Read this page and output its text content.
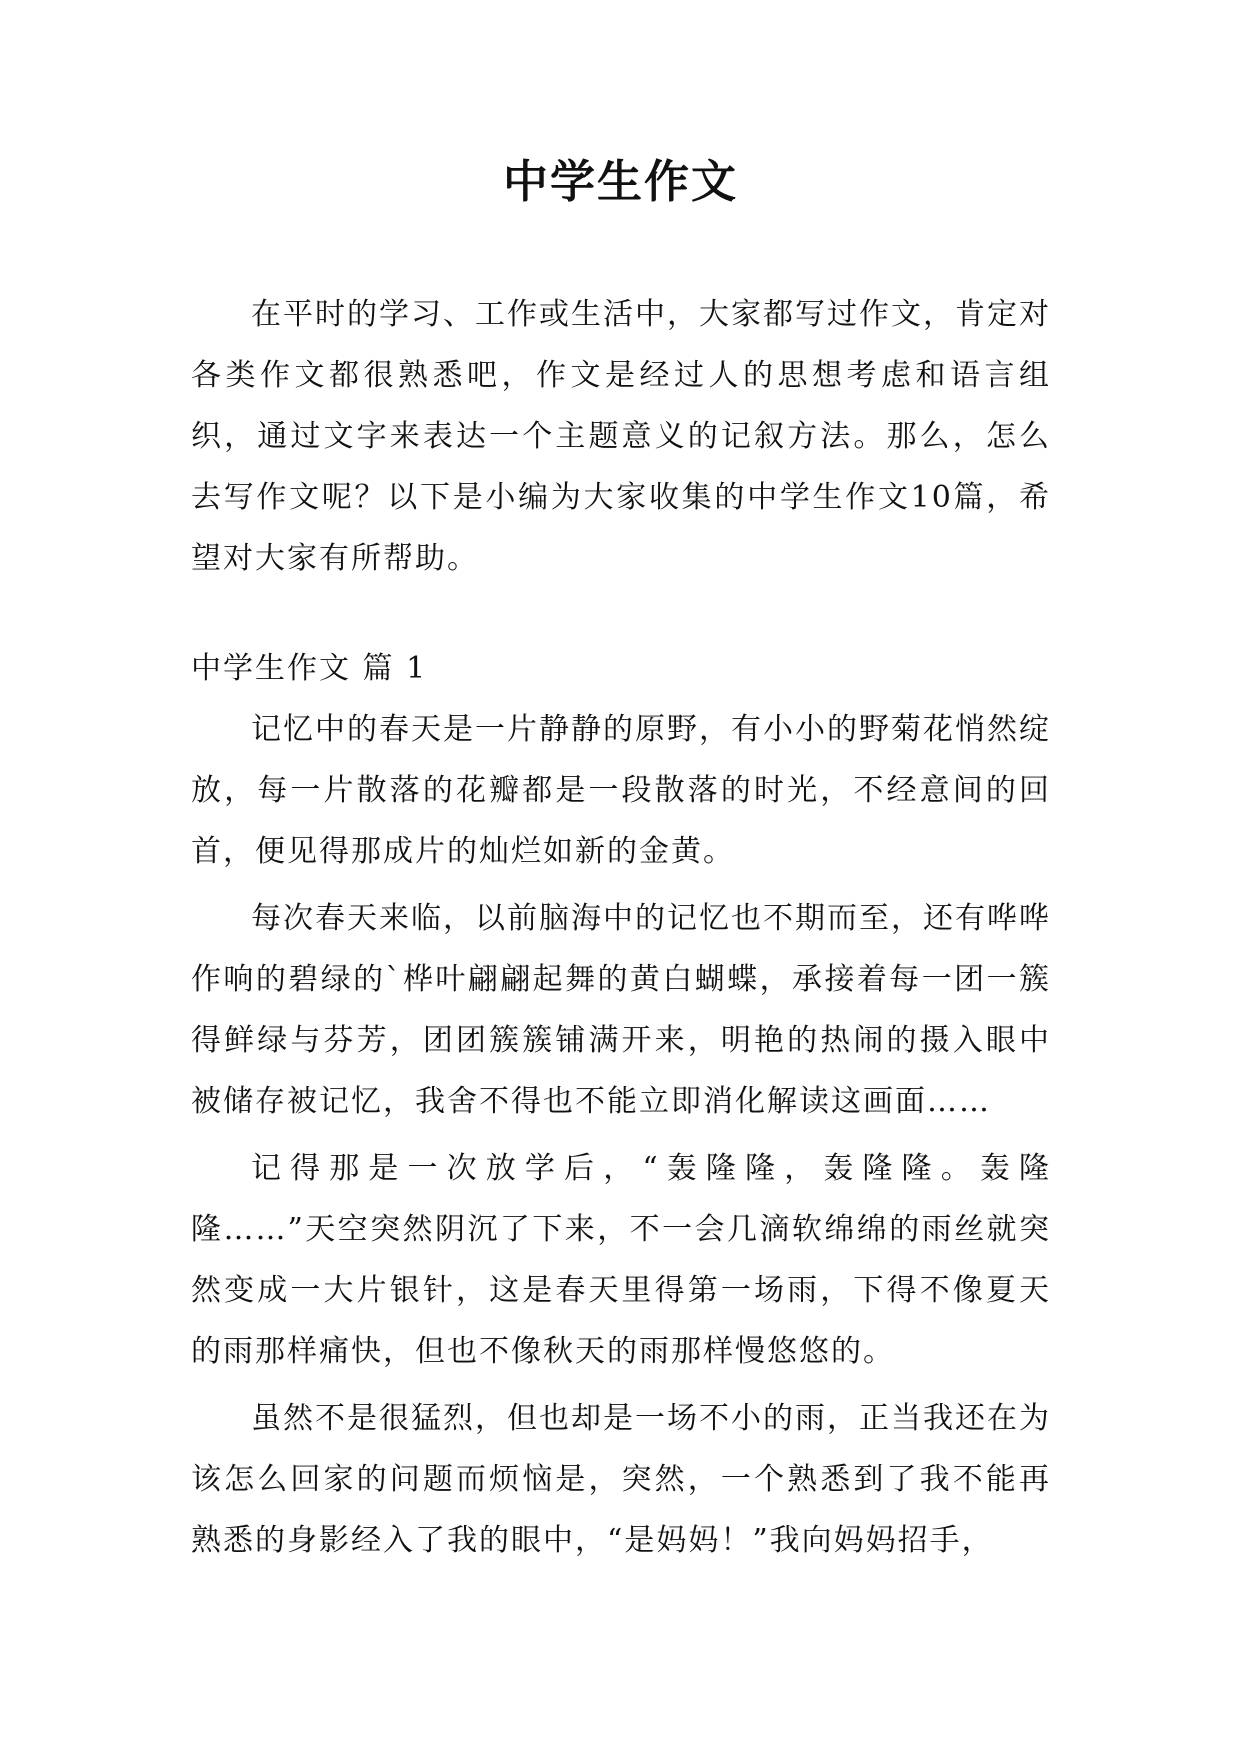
中学生作文

在平时的学习、工作或生活中，大家都写过作文，肯定对各类作文都很熟悉吧，作文是经过人的思想考虑和语言组织，通过文字来表达一个主题意义的记叙方法。那么，怎么去写作文呢？以下是小编为大家收集的中学生作文10篇，希望对大家有所帮助。

中学生作文 篇 1

记忆中的春天是一片静静的原野，有小小的野菊花悄然绽放，每一片散落的花瓣都是一段散落的时光，不经意间的回首，便见得那成片的灿烂如新的金黄。

每次春天来临，以前脑海中的记忆也不期而至，还有哗哗作响的碧绿的`桦叶翩翩起舞的黄白蝴蝶，承接着每一团一簇得鲜绿与芬芳，团团簇簇铺满开来，明艳的热闹的摄入眼中被储存被记忆，我舍不得也不能立即消化解读这画面……

记得那是一次放学后，“轰隆隆，轰隆隆。轰隆隆……”天空突然阴沉了下来，不一会几滴软绵绵的雨丝就突然变成一大片银针，这是春天里得第一场雨，下得不像夏天的雨那样痛快，但也不像秋天的雨那样慢悠悠的。

虽然不是很猛烈，但也却是一场不小的雨，正当我还在为该怎么回家的问题而烦恼是，突然，一个熟悉到了我不能再熟悉的身影经入了我的眼中，“是妈妈！”我向妈妈招手，
